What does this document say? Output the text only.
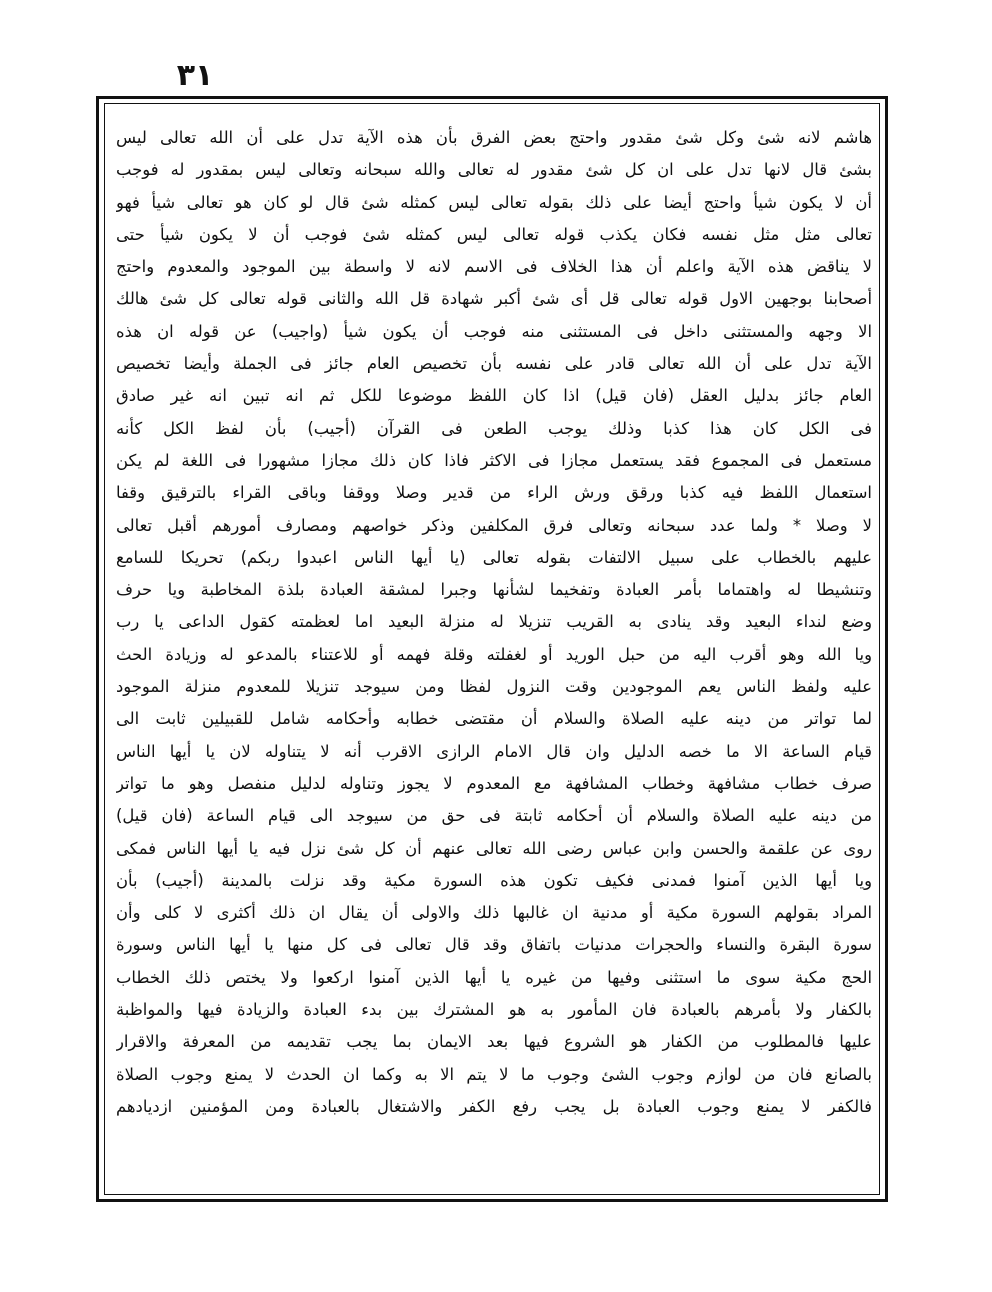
٣١
هاشم لانه شئ وكل شئ مقدور واحتج بعض الفرق بأن هذه الآية تدل على أن الله تعالى ليس
بشئ قال لانها تدل على ان كل شئ مقدور له تعالى والله سبحانه وتعالى ليس بمقدور له فوجب
أن لا يكون شيأ واحتج أيضا على ذلك بقوله تعالى ليس كمثله شئ قال لو كان هو تعالى شيأ فهو
تعالى مثل مثل نفسه فكان يكذب قوله تعالى ليس كمثله شئ فوجب أن لا يكون شيأ حتى
لا يناقض هذه الآية واعلم أن هذا الخلاف فى الاسم لانه لا واسطة بين الموجود والمعدوم واحتج
أصحابنا بوجهين الاول قوله تعالى قل أى شئ أكبر شهادة قل الله والثانى قوله تعالى كل شئ هالك
الا وجهه والمستثنى داخل فى المستثنى منه فوجب أن يكون شيأ (واجيب) عن قوله ان هذه
الآية تدل على أن الله تعالى قادر على نفسه بأن تخصيص العام جائز فى الجملة وأيضا تخصيص
العام جائز بدليل العقل (فان قيل) اذا كان اللفظ موضوعا للكل ثم انه تبين انه غير صادق
فى الكل كان هذا كذبا وذلك يوجب الطعن فى القرآن (أجيب) بأن لفظ الكل كأنه
مستعمل فى المجموع فقد يستعمل مجازا فى الاكثر فاذا كان ذلك مجازا مشهورا فى اللغة لم يكن
استعمال اللفظ فيه كذبا ورقق ورش الراء من قدير وصلا ووقفا وباقى القراء بالترقيق وقفا
لا وصلا * ولما عدد سبحانه وتعالى فرق المكلفين وذكر خواصهم ومصارف أمورهم أقبل تعالى
عليهم بالخطاب على سبيل الالتفات بقوله تعالى (يا أيها الناس اعبدوا ربكم) تحريكا للسامع
وتنشيطا له واهتماما بأمر العبادة وتفخيما لشأنها وجبرا لمشقة العبادة بلذة المخاطبة ويا حرف
وضع لنداء البعيد وقد ينادى به القريب تنزيلا له منزلة البعيد اما لعظمته كقول الداعى يا رب
ويا الله وهو أقرب اليه من حبل الوريد أو لغفلته وقلة فهمه أو للاعتناء بالمدعو له وزيادة الحث
عليه ولفظ الناس يعم الموجودين وقت النزول لفظا ومن سيوجد تنزيلا للمعدوم منزلة الموجود
لما تواتر من دينه عليه الصلاة والسلام أن مقتضى خطابه وأحكامه شامل للقبيلين ثابت الى
قيام الساعة الا ما خصه الدليل وان قال الامام الرازى الاقرب أنه لا يتناوله لان يا أيها الناس
صرف خطاب مشافهة وخطاب المشافهة مع المعدوم لا يجوز وتناوله لدليل منفصل وهو ما تواتر
من دينه عليه الصلاة والسلام أن أحكامه ثابتة فى حق من سيوجد الى قيام الساعة (فان قيل)
روى عن علقمة والحسن وابن عباس رضى الله تعالى عنهم أن كل شئ نزل فيه يا أيها الناس فمكى
ويا أيها الذين آمنوا فمدنى فكيف تكون هذه السورة مكية وقد نزلت بالمدينة (أجيب) بأن
المراد بقولهم السورة مكية أو مدنية ان غالبها ذلك والاولى أن يقال ان ذلك أكثرى لا كلى وأن
سورة البقرة والنساء والحجرات مدنيات باتفاق وقد قال تعالى فى كل منها يا أيها الناس وسورة
الحج مكية سوى ما استثنى وفيها من غيره يا أيها الذين آمنوا اركعوا ولا يختص ذلك الخطاب
بالكفار ولا بأمرهم بالعبادة فان المأمور به هو المشترك بين بدء العبادة والزيادة فيها والمواظبة
عليها فالمطلوب من الكفار هو الشروع فيها بعد الايمان بما يجب تقديمه من المعرفة والاقرار
بالصانع فان من لوازم وجوب الشئ وجوب ما لا يتم الا به وكما ان الحدث لا يمنع وجوب الصلاة
فالكفر لا يمنع وجوب العبادة بل يجب رفع الكفر والاشتغال بالعبادة ومن المؤمنين ازديادهم
